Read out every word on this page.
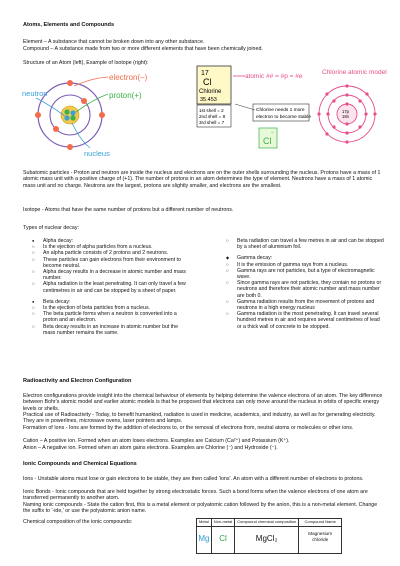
Atoms, Elements and Compounds
Element – A substance that cannot be broken down into any other substance.
Compound – A substance made from two or more different elements that have been chemically joined.
Structure of an Atom (left), Example of Isotope (right):
electron(–)
proton(+)
neutron
nucleus
17
Cl
Chlorine
35.453
1st shell = 2 2nd shell = 8 3rd shell = 7
atomic ## = #p = #e
Chlorine atomic model
17p
18n
Chlorine needs 1 more electron to become stable
–
Cl
Subatomic particles - Proton and neutron are inside the nucleus and electrons are on the outer shells surrounding the nucleus. Protons have a mass of 1 atomic mass unit with a positive charge of (+1). The number of protons in an atom determines the type of element. Neutrons have a mass of 1 atomic mass unit and no charge. Neutrons are the largest, protons are slightly smaller, and electrons are the smallest.
Isotope - Atoms that have the same number of protons but a different number of neutrons.
Types of nuclear decay:
● Alpha decay:
○ Is the ejection of alpha particles from a nucleus.
○ An alpha particle consists of 2 protons and 2 neutrons.
○ These particles can gain electrons from their environment to become neutral.
○ Alpha decay results in a decrease in atomic number and mass number.
○ Alpha radiation is the least penetrating. It can only travel a few centimetres in air and can be stopped by a sheet of paper.
● Beta decay:
○ Is the ejection of beta particles from a nucleus.
○ The beta particle forms when a neutron is converted into a proton and an electron.
○ Beta decay results in an increase in atomic number but the mass number remains the same.
○ Beta radiation can travel a few metres in air and can be stopped by a sheet of aluminium foil.
◆ Gamma decay:
○ It is the emission of gamma rays from a nucleus.
○ Gamma rays are not particles, but a type of electromagnetic wave.
○ Since gamma rays are not particles, they contain no protons or neutrons and therefore their atomic number and mass number are both 0.
○ Gamma radiation results from the movement of protons and neutrons in a high energy nucleus
○ Gamma radiation is the most penetrating. It can travel several hundred metres in air and requires several centimetres of lead or a thick wall of concrete to be stopped.
Radioactivity and Electron Configuration
Electron configurations provide insight into the chemical behaviour of elements by helping determine the valence electrons of an atom. The key difference between Bohr's atomic model and earlier atomic models is that he proposed that electrons can only move around the nucleus in orbits of specific energy levels or shells.
Practical use of Radioactivity - Today, to benefit humankind, radiation is used in medicine, academics, and industry, as well as for generating electricity. They are in powerlines, microwave ovens, laser pointers and lamps.
Formation of Ions - Ions are formed by the addition of electrons to, or the removal of electrons from, neutral atoms or molecules or other ions.
Cation – A positive ion. Formed when an atom loses electrons. Examples are Calcium (Ca²⁺) and Potassium (K⁺).
Anion – A negative ion. Formed when an atom gains electrons. Examples are Chlorine (⁻) and Hydroxide (⁻).
Ionic Compounds and Chemical Equations
Ions - Unstable atoms must lose or gain electrons to be stable, they are then called 'ions'. An atom with a different number of electrons to protons.
Ionic Bonds - Ionic compounds that are held together by strong electrostatic forces. Such a bond forms when the valence electrons of one atom are transferred permanently to another atom.
Naming ionic compounds - State the cation first, this is a metal element or polyatomic cation followed by the anion, this is a non-metal element. Change the suffix to '-ide,' or use the polyatomic anion name.
Chemical composition of the ionic compounds:	Metal	Non-metal	Compound chemical composition	Compound Name
Mg	Cl	MgCl₂	Magnesium chloride
